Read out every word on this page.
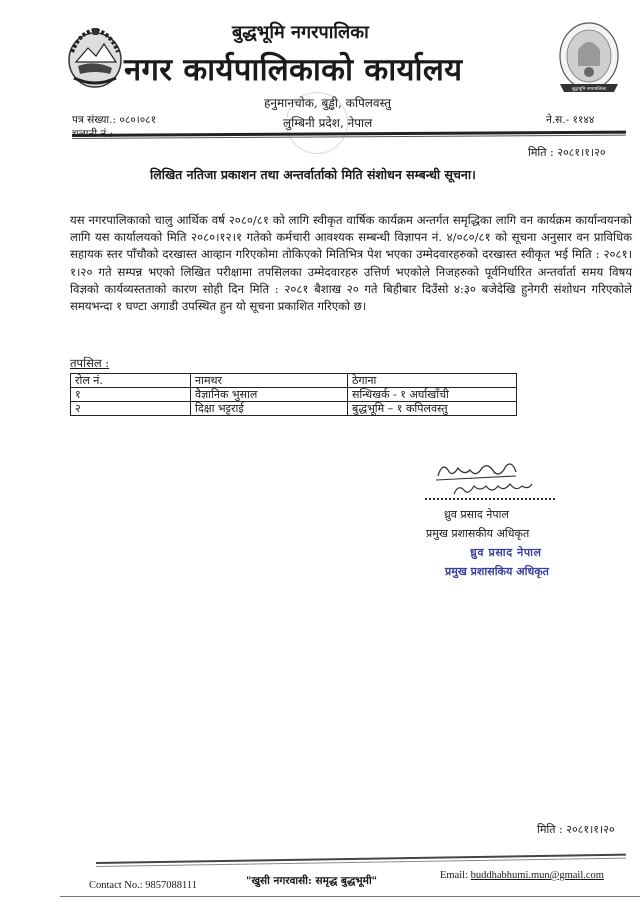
बुद्धभूमि नगरपालिका
बुद्धभूमि नगरपालिका
नगर कार्यपालिकाको कार्यालय
हनुमानचोक, बुड्ढी, कपिलवस्तु
लुम्बिनी प्रदेश, नेपाल
पत्र संख्या.: ०८०।०८१	ने.स.- ११४४
मिति : २०८१।१।२०
लिखित नतिजा प्रकाशन तथा अन्तर्वार्ताको मिति संशोधन सम्बन्धी सूचना।
यस नगरपालिकाको चालु आर्थिक वर्ष २०८०/८१ को लागि स्वीकृत वार्षिक कार्यक्रम अन्तर्गत समृद्धिका लागि वन कार्यक्रम कार्यान्वयनको लागि यस कार्यालयको मिति २०८०।१२।१ गतेको कर्मचारी आवश्यक सम्बन्धी विज्ञापन नं. ४/०८०/८१ को सूचना अनुसार वन प्राविधिक सहायक स्तर पाँचौको दरखास्त आव्हान गरिएकोमा तोकिएको मितिभित्र पेश भएका उम्मेदवारहरुको दरखास्त स्वीकृत भई मिति : २०८१।१।२० गते सम्पन्न भएको लिखित परीक्षामा तपसिलका उम्मेदवारहरु उत्तिर्ण भएकोले निजहरुको पूर्वनिर्धारित अन्तर्वार्ता समय विषय विज्ञको कार्यव्यस्तताको कारण सोही दिन मिति : २०८१ बैशाख २० गते बिहीबार दिउँसो ४:३० बजेदेखि हुनेगरी संशोधन गरिएकोले समयभन्दा १ घण्टा अगाडी उपस्थित हुन यो सूचना प्रकाशित गरिएको छ।
तपसिल :
रोल नं.	नामथर	ठेगाना
१	वैज्ञानिक भुसाल	सन्धिखर्क - १ अर्घाखाँची
२	दिक्षा भट्टराई	बुद्धभूमि – १ कपिलवस्तु
ध्रुव प्रसाद नेपाल
प्रमुख प्रशासकीय अधिकृत
ध्रुव प्रसाद नेपाल
प्रमुख प्रशासकिय अधिकृत
मिति : २०८१।१।२०
Contact No.: 9857088111	"खुसी नगरवासी: समृद्ध बुद्धभूमी"	Email: buddhabhumi.mun@gmail.com
